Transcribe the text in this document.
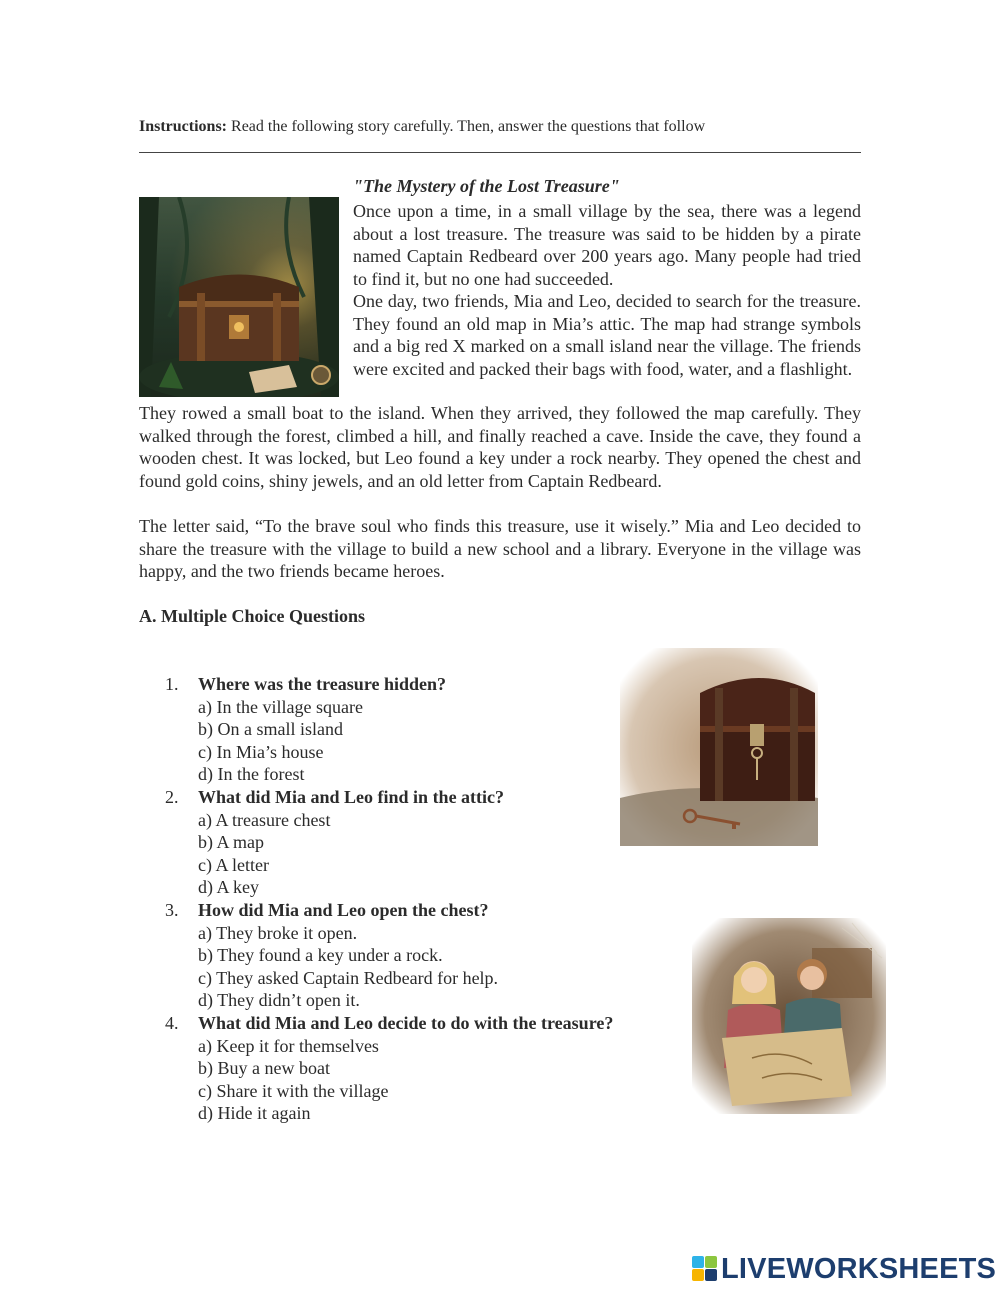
Instructions: Read the following story carefully. Then, answer the questions that follow
"The Mystery of the Lost Treasure"

Once upon a time, in a small village by the sea, there was a legend about a lost treasure. The treasure was said to be hidden by a pirate named Captain Redbeard over 200 years ago. Many people had tried to find it, but no one had succeeded.

One day, two friends, Mia and Leo, decided to search for the treasure. They found an old map in Mia’s attic. The map had strange symbols and a big red X marked on a small island near the village. The friends were excited and packed their bags with food, water, and a flashlight.

They rowed a small boat to the island. When they arrived, they followed the map carefully. They walked through the forest, climbed a hill, and finally reached a cave. Inside the cave, they found a wooden chest. It was locked, but Leo found a key under a rock nearby. They opened the chest and found gold coins, shiny jewels, and an old letter from Captain Redbeard.

The letter said, “To the brave soul who finds this treasure, use it wisely.” Mia and Leo decided to share the treasure with the village to build a new school and a library. Everyone in the village was happy, and the two friends became heroes.

A. Multiple Choice Questions
1.	Where was the treasure hidden?
a) In the village square
b) On a small island
c) In Mia’s house
d) In the forest
2.	What did Mia and Leo find in the attic?
a) A treasure chest
b) A map
c) A letter
d) A key
3.	How did Mia and Leo open the chest?
a) They broke it open.
b) They found a key under a rock.
c) They asked Captain Redbeard for help.
d) They didn’t open it.
4.	What did Mia and Leo decide to do with the treasure?
a) Keep it for themselves
b) Buy a new boat
c) Share it with the village
d) Hide it again
LIVEWORKSHEETS
